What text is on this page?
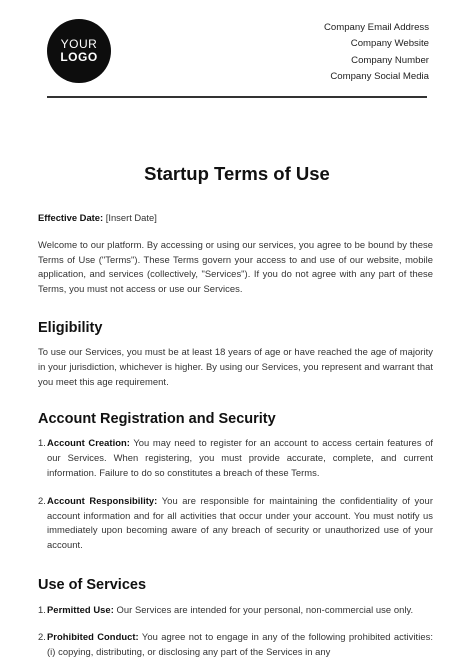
YOUR
LOGO
Company Email Address
Company Website
Company Number
Company Social Media
Startup Terms of Use

Effective Date: [Insert Date]

Welcome to our platform. By accessing or using our services, you agree to be bound by these Terms of Use ("Terms"). These Terms govern your access to and use of our website, mobile application, and services (collectively, "Services"). If you do not agree with any part of these Terms, you must not access or use our Services.

Eligibility

To use our Services, you must be at least 18 years of age or have reached the age of majority in your jurisdiction, whichever is higher. By using our Services, you represent and warrant that you meet this age requirement.

Account Registration and Security
1. Account Creation: You may need to register for an account to access certain features of our Services. When registering, you must provide accurate, complete, and current information. Failure to do so constitutes a breach of these Terms.

2. Account Responsibility: You are responsible for maintaining the confidentiality of your account information and for all activities that occur under your account. You must notify us immediately upon becoming aware of any breach of security or unauthorized use of your account.

Use of Services
1. Permitted Use: Our Services are intended for your personal, non-commercial use only.

2. Prohibited Conduct: You agree not to engage in any of the following prohibited activities: (i) copying, distributing, or disclosing any part of the Services in any
